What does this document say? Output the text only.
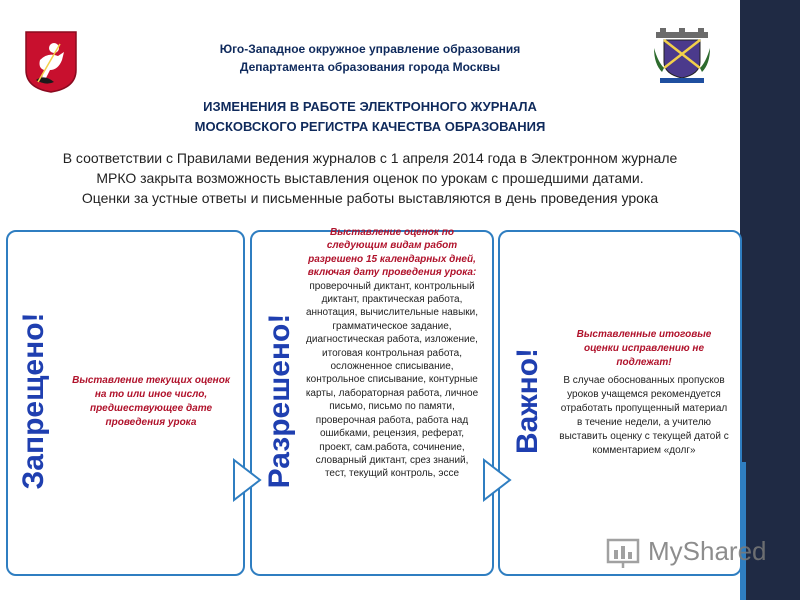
Юго-Западное окружное управление образования
Департамента образования города Москвы
ИЗМЕНЕНИЯ В РАБОТЕ ЭЛЕКТРОННОГО ЖУРНАЛА
МОСКОВСКОГО РЕГИСТРА КАЧЕСТВА ОБРАЗОВАНИЯ
В соответствии с Правилами ведения журналов с 1 апреля 2014 года в Электронном журнале
МРКО закрыта возможность выставления оценок по урокам с прошедшими датами.
Оценки за устные ответы и письменные работы выставляются в день проведения урока
Запрещено!	Выставление текущих оценок на то или иное число, предшествующее дате проведения урока	Разрешено!
Выставление оценок по следующим видам работ разрешено 15 календарных дней, включая дату проведения урока:
проверочный диктант, контрольный диктант, практическая работа, аннотация, вычислительные навыки, грамматическое задание, диагностическая работа, изложение, итоговая контрольная работа, осложненное списывание, контрольное списывание, контурные карты, лабораторная работа, личное письмо, письмо по памяти, проверочная работа, работа над ошибками, рецензия, реферат, проект, сам.работа, сочинение, словарный диктант, срез знаний, тест, текущий контроль, эссе
Важно!
Выставленные итоговые оценки исправлению не подлежат!
В случае обоснованных пропусков уроков учащемся рекомендуется отработать пропущенный материал в течение недели, а учителю выставить оценку с текущей датой с комментарием «долг»
MyShared
